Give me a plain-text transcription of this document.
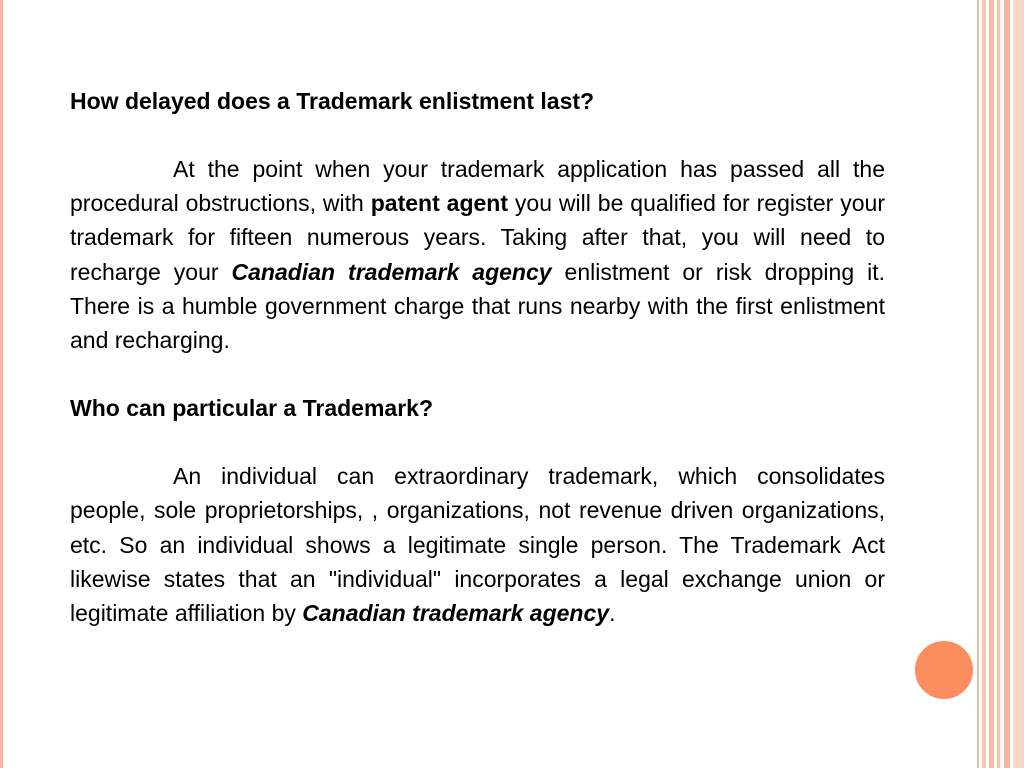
How delayed does a Trademark enlistment last?

At the point when your trademark application has passed all the procedural obstructions, with patent agent you will be qualified for register your trademark for fifteen numerous years. Taking after that, you will need to recharge your Canadian trademark agency enlistment or risk dropping it. There is a humble government charge that runs nearby with the first enlistment and recharging.

Who can particular a Trademark?

An individual can extraordinary trademark, which consolidates people, sole proprietorships, , organizations, not revenue driven organizations, etc. So an individual shows a legitimate single person. The Trademark Act likewise states that an "individual" incorporates a legal exchange union or legitimate affiliation by Canadian trademark agency.
